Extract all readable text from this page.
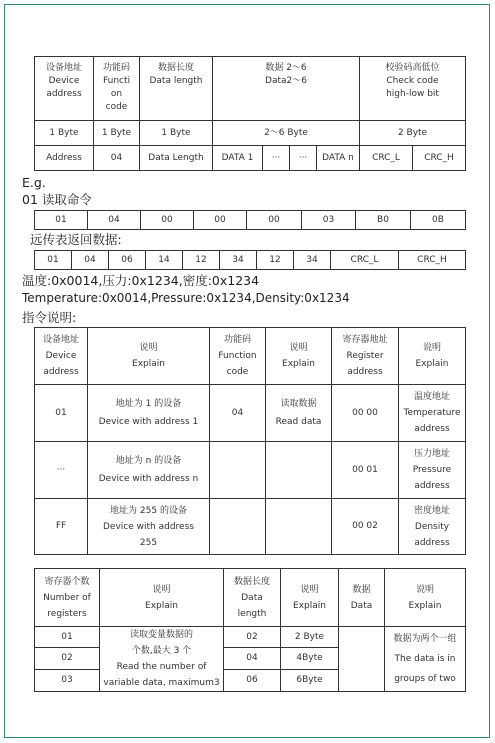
设备地址
Device
address	功能码
Functi
on
code	数据长度
Data length	数据 2〜6
Data2〜6				校验码高低位
Check code
high-low bit	
1 Byte	1 Byte	1 Byte	2〜6 Byte				2 Byte	
Address	04	Data Length	DATA 1	···	···	DATA n	CRC_L	CRC_H
E.g.
01 读取命令
01	04	00	00	00	03	B0	0B
远传表返回数据:
01	04	06	14	12	34	12	34	CRC_L	CRC_H
温度:0x0014,压力:0x1234,密度:0x1234
Temperature:0x0014,Pressure:0x1234,Density:0x1234
指令说明:
设备地址
Device
address	说明
Explain	功能码
Function
code	说明
Explain	寄存器地址
Register
address	说明
Explain
01	地址为 1 的设备
Device with address 1	04	读取数据
Read data	00 00	温度地址
Temperature
address
···	地址为 n 的设备
Device with address n			00 01	压力地址
Pressure
address
FF	地址为 255 的设备
Device with address
255			00 02	密度地址
Density
address
寄存器个数
Number of
registers	说明
Explain	数据长度
Data
length	说明
Explain	数据
Data	说明
Explain
01	读取变量数据的
个数,最大 3 个
Read the number of
variable data, maximum3	02	2 Byte		数据为两个一组
The data is in
groups of two
02		04	4Byte		
03		06	6Byte		
